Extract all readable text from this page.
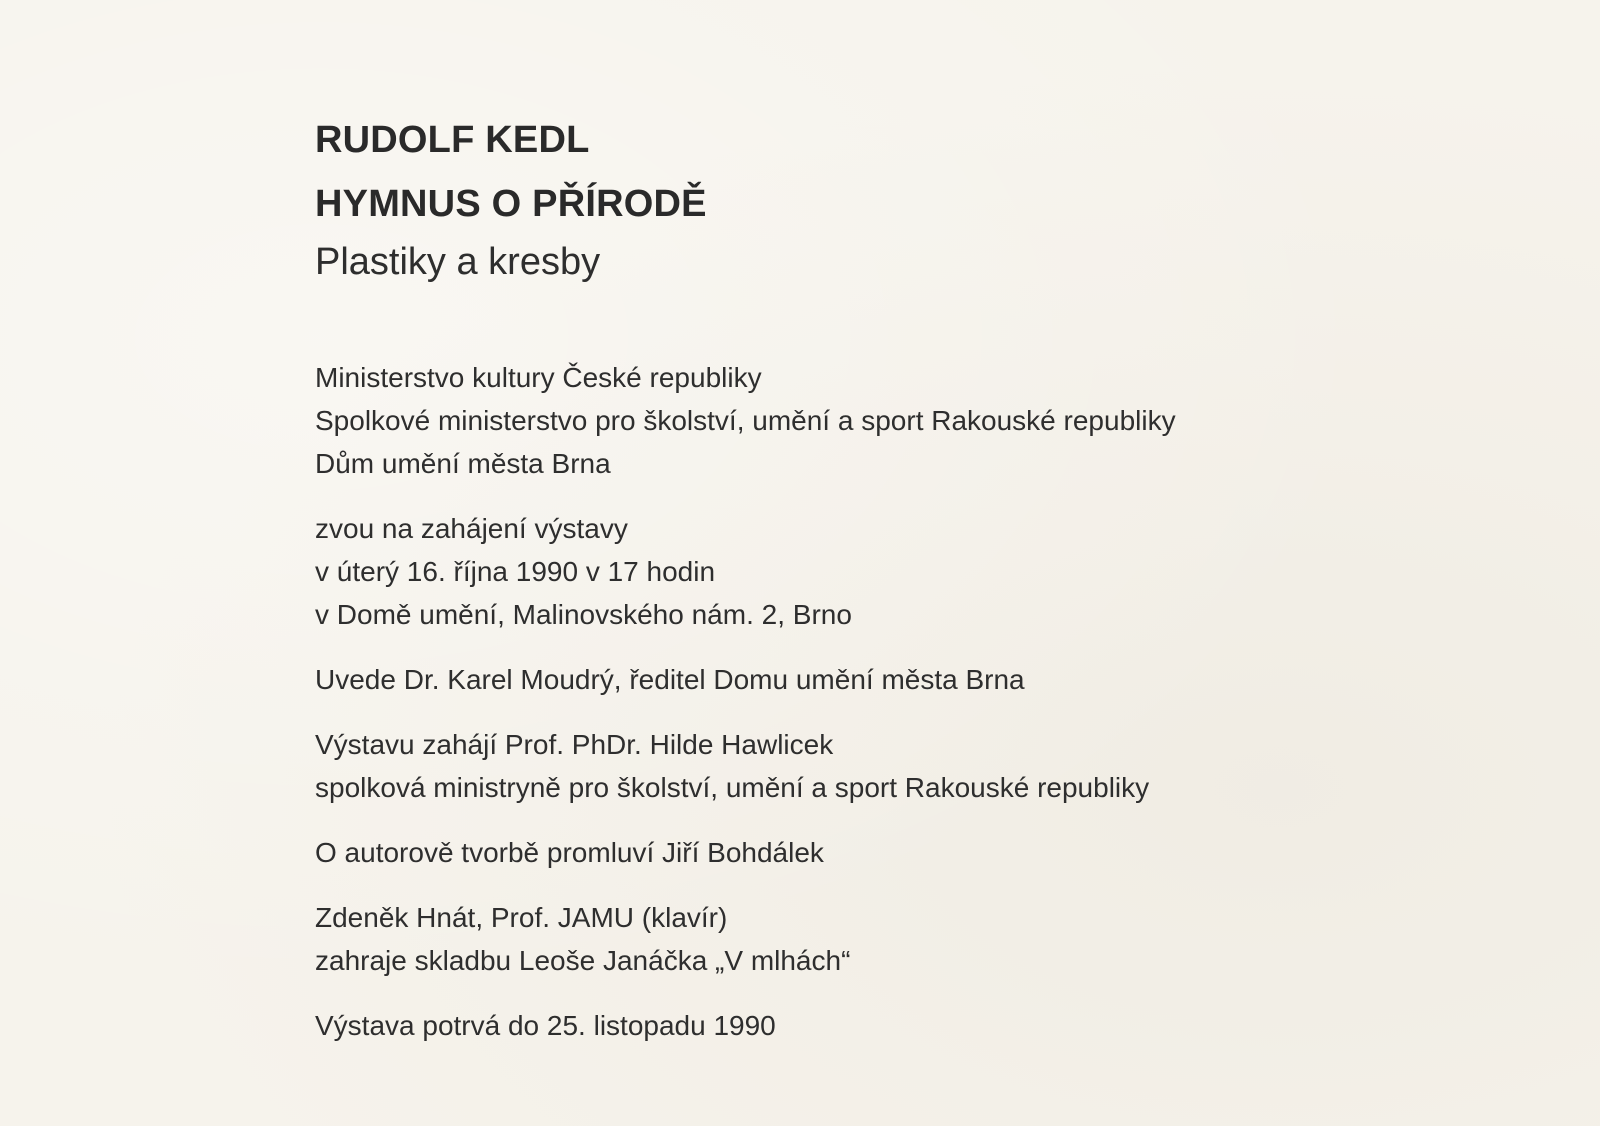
RUDOLF KEDL
HYMNUS O PŘÍRODĚ

Plastiky a kresby

Ministerstvo kultury České republiky

Spolkové ministerstvo pro školství, umění a sport Rakouské republiky

Dům umění města Brna

zvou na zahájení výstavy

v úterý 16. října 1990 v 17 hodin

v Domě umění, Malinovského nám. 2, Brno

Uvede Dr. Karel Moudrý, ředitel Domu umění města Brna

Výstavu zahájí Prof. PhDr. Hilde Hawlicek

spolková ministryně pro školství, umění a sport Rakouské republiky

O autorově tvorbě promluví Jiří Bohdálek

Zdeněk Hnát, Prof. JAMU (klavír)

zahraje skladbu Leoše Janáčka „V mlhách“

Výstava potrvá do 25. listopadu 1990
